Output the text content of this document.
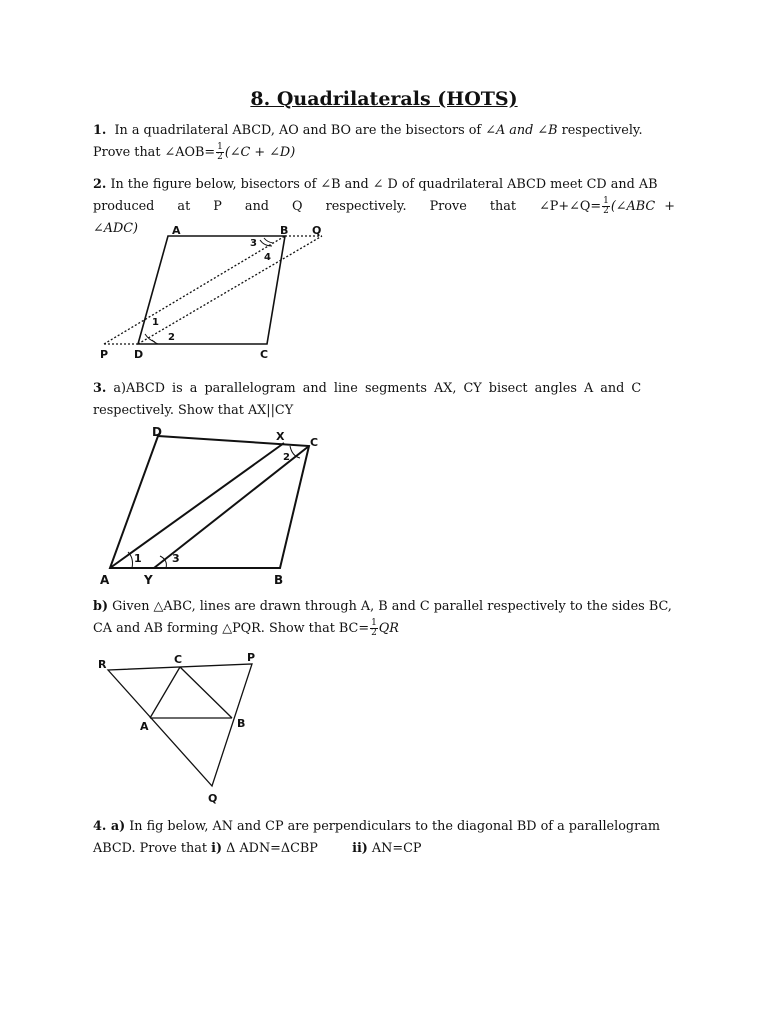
8. Quadrilaterals (HOTS)
1. In a quadrilateral ABCD, AO and BO are the bisectors of ∠A and ∠B respectively.
Prove that ∠AOB= $\frac{1}{2}$ (∠C + ∠D)
2. In the figure below, bisectors of ∠B and ∠ D of quadrilateral ABCD meet CD and AB
produced at P and Q respectively. Prove that ∠P+∠Q= $\frac{1}{2}$ (∠ABC + ∠ADC)	A	B Q
3
4
1
2
P D	C
3. a)ABCD is a parallelogram and line segments AX, CY bisect angles A and C
respectively. Show that AX||CY
D	X C
2
1	3
A	Y	B
b) Given △ABC, lines are drawn through A, B and C parallel respectively to the sides BC,
CA and AB forming △PQR. Show that $BC= \frac{1}{2}$ QR
R	C	P
A	B
Q
4. a) In fig below, AN and CP are perpendiculars to the diagonal BD of a parallelogram
ABCD. Prove that i) Δ ADN=ΔCBP	ii) AN=CP
